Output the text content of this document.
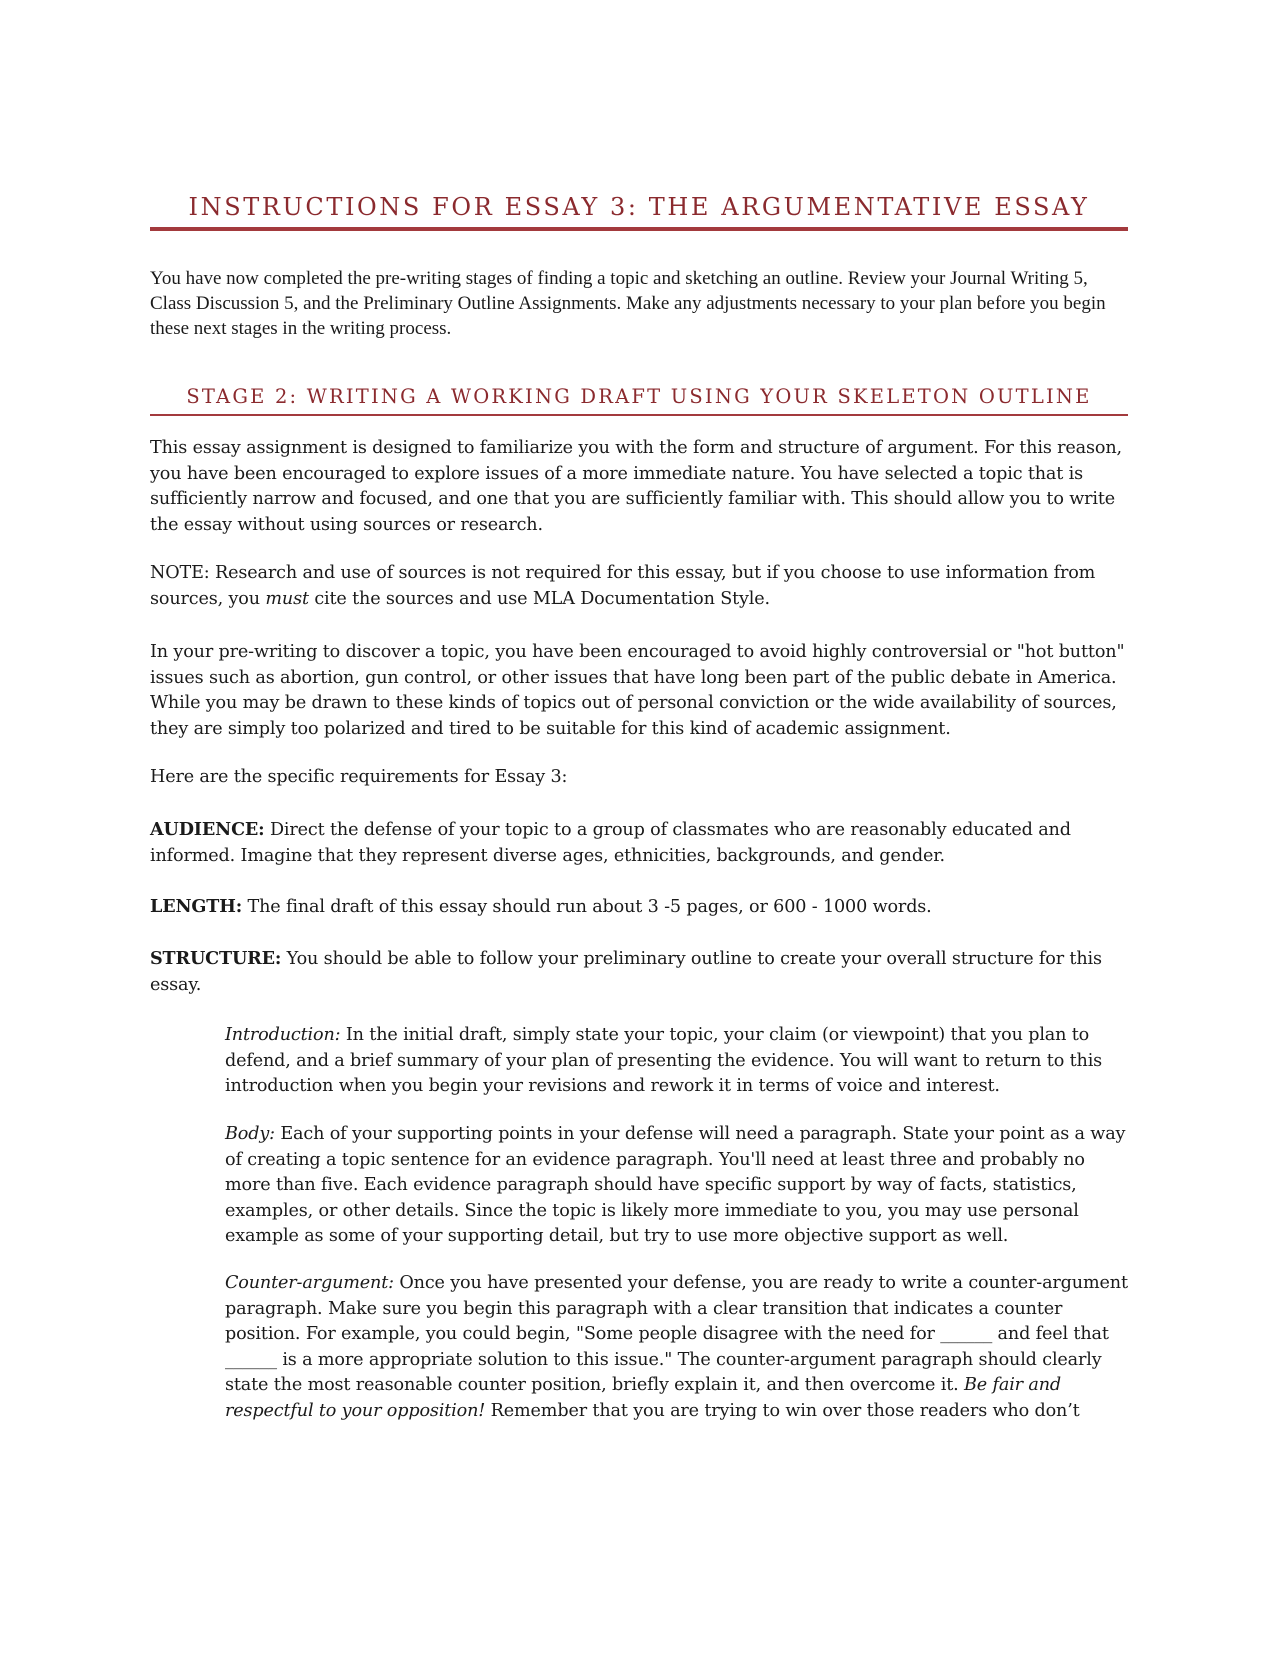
INSTRUCTIONS FOR ESSAY 3: THE ARGUMENTATIVE ESSAY

You have now completed the pre-writing stages of finding a topic and sketching an outline. Review your Journal Writing 5, Class Discussion 5, and the Preliminary Outline Assignments. Make any adjustments necessary to your plan before you begin these next stages in the writing process.

STAGE 2: WRITING A WORKING DRAFT USING YOUR SKELETON OUTLINE

This essay assignment is designed to familiarize you with the form and structure of argument. For this reason, you have been encouraged to explore issues of a more immediate nature. You have selected a topic that is sufficiently narrow and focused, and one that you are sufficiently familiar with. This should allow you to write the essay without using sources or research.

NOTE: Research and use of sources is not required for this essay, but if you choose to use information from sources, you must cite the sources and use MLA Documentation Style.

In your pre-writing to discover a topic, you have been encouraged to avoid highly controversial or "hot button" issues such as abortion, gun control, or other issues that have long been part of the public debate in America. While you may be drawn to these kinds of topics out of personal conviction or the wide availability of sources, they are simply too polarized and tired to be suitable for this kind of academic assignment.

Here are the specific requirements for Essay 3:

AUDIENCE: Direct the defense of your topic to a group of classmates who are reasonably educated and informed. Imagine that they represent diverse ages, ethnicities, backgrounds, and gender.

LENGTH: The final draft of this essay should run about 3 -5 pages, or 600 - 1000 words.

STRUCTURE: You should be able to follow your preliminary outline to create your overall structure for this essay.

Introduction: In the initial draft, simply state your topic, your claim (or viewpoint) that you plan to defend, and a brief summary of your plan of presenting the evidence. You will want to return to this introduction when you begin your revisions and rework it in terms of voice and interest.

Body: Each of your supporting points in your defense will need a paragraph. State your point as a way of creating a topic sentence for an evidence paragraph. You'll need at least three and probably no more than five. Each evidence paragraph should have specific support by way of facts, statistics, examples, or other details. Since the topic is likely more immediate to you, you may use personal example as some of your supporting detail, but try to use more objective support as well.

Counter-argument: Once you have presented your defense, you are ready to write a counter-argument paragraph. Make sure you begin this paragraph with a clear transition that indicates a counter position. For example, you could begin, "Some people disagree with the need for ______ and feel that ______ is a more appropriate solution to this issue." The counter-argument paragraph should clearly state the most reasonable counter position, briefly explain it, and then overcome it. Be fair and respectful to your opposition! Remember that you are trying to win over those readers who don’t
